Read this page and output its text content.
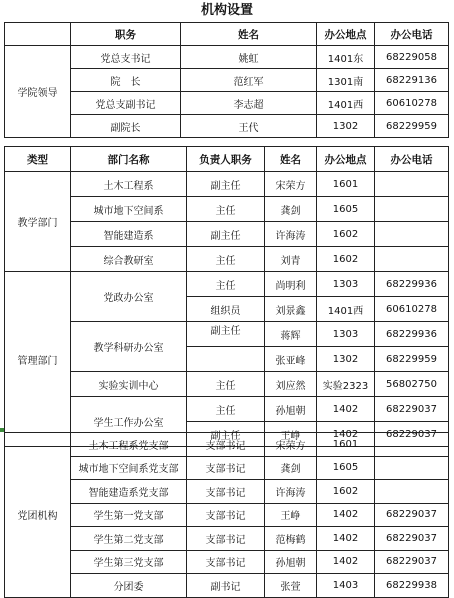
机构设置
	职务	姓名	办公地点	办公电话
学院领导	党总支书记	姚虹	1401东	68229058
	院　长	范红军	1301南	68229136
	党总支副书记	李志超	1401西	60610278
	副院长	王代	1302	68229959
类型	部门名称	负责人职务	姓名	办公地点	办公电话
教学部门	土木工程系	副主任	宋荣方	1601	
	城市地下空间系	主任	龚剑	1605	
	智能建造系	副主任	许海涛	1602	
	综合教研室	主任	刘青	1602	
管理部门	党政办公室	主任	尚明利	1303	68229936
		组织员	刘景鑫	1401西	60610278
	教学科研办公室	副主任	蒋辉	1303	68229936
			张亚峰	1302	68229959
	实验实训中心	主任	刘应然	实验2323	56802750
	学生工作办公室	主任	孙旭朝	1402	68229037
		副主任	王峥	1402	68229037
党团机构	土木工程系党支部	支部书记	宋荣方	1601	
	城市地下空间系党支部	支部书记	龚剑	1605	
	智能建造系党支部	支部书记	许海涛	1602	
	学生第一党支部	支部书记	王峥	1402	68229037
	学生第二党支部	支部书记	范梅鹤	1402	68229037
	学生第三党支部	支部书记	孙旭朝	1402	68229037
	分团委	副书记	张萱	1403	68229938
